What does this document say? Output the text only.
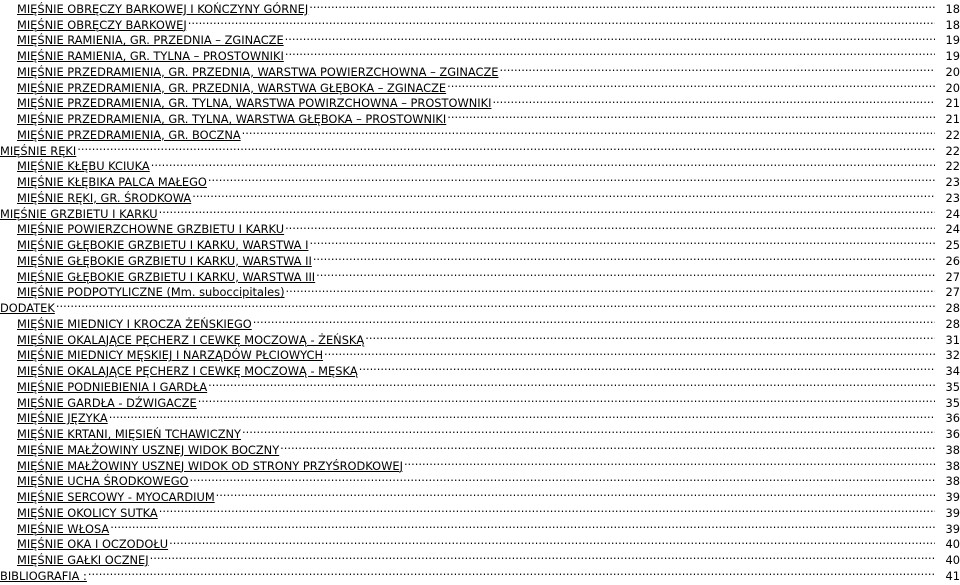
MIĘŚNIE OBRĘCZY BARKOWEJ I KOŃCZYNY GÓRNEJ .....	18
MIĘŚNIE OBRĘCZY BARKOWEJ .....	18
MIĘŚNIE RAMIENIA, GR. PRZEDNIA – ZGINACZE .....	19
MIĘŚNIE RAMIENIA, GR. TYLNA – PROSTOWNIKI .....	19
MIĘŚNIE PRZEDRAMIENIA, GR. PRZEDNIA, WARSTWA POWIERZCHOWNA – ZGINACZE .....	20
MIĘŚNIE PRZEDRAMIENIA, GR. PRZEDNIA, WARSTWA GŁĘBOKA – ZGINACZE .....	20
MIĘŚNIE PRZEDRAMIENIA, GR. TYLNA, WARSTWA POWIRZCHOWNA – PROSTOWNIKI .....	21
MIĘŚNIE PRZEDRAMIENIA, GR. TYLNA, WARSTWA GŁĘBOKA – PROSTOWNIKI .....	21
MIĘŚNIE PRZEDRAMIENIA, GR. BOCZNA .....	22
MIĘŚNIE RĘKI .....	22
MIĘŚNIE KŁĘBU KCIUKA .....	22
MIĘŚNIE KŁĘBIKA PALCA MAŁEGO .....	23
MIĘŚNIE RĘKI, GR. ŚRODKOWA .....	23
MIĘŚNIE GRZBIETU I KARKU .....	24
MIĘŚNIE POWIERZCHOWNE GRZBIETU I KARKU .....	24
MIĘŚNIE GŁĘBOKIE GRZBIETU I KARKU, WARSTWA I .....	25
MIĘŚNIE GŁĘBOKIE GRZBIETU I KARKU, WARSTWA II .....	26
MIĘŚNIE GŁĘBOKIE GRZBIETU I KARKU, WARSTWA III .....	27
MIĘŚNIE PODPOTYLICZNE (Mm. suboccipitales) .....	27
DODATEK .....	28
MIĘŚNIE MIEDNICY I KROCZA ŻEŃSKIEGO .....	28
MIĘŚNIE OKALAJĄCE PĘCHERZ I CEWKĘ MOCZOWĄ - ŻEŃSKĄ .....	31
MIĘŚNIE MIEDNICY MĘSKIEJ I NARZĄDÓW PŁCIOWYCH .....	32
MIĘŚNIE OKALAJĄCE PĘCHERZ I CEWKĘ MOCZOWĄ - MĘSKĄ .....	34
MIĘŚNIE PODNIEBIENIA I GARDŁA .....	35
MIĘŚNIE GARDŁA - DŹWIGACZE .....	35
MIĘŚNIE JĘZYKA .....	36
MIĘŚNIE KRTANI, MIĘSIEŃ TCHAWICZNY .....	36
MIĘŚNIE MAŁŻOWINY USZNEJ WIDOK BOCZNY .....	38
MIĘŚNIE MAŁŻOWINY USZNEJ WIDOK OD STRONY PRZYŚRODKOWEJ .....	38
MIĘŚNIE UCHA ŚRODKOWEGO .....	38
MIĘŚNIE SERCOWY - MYOCARDIUM .....	39
MIĘŚNIE OKOLICY SUTKA .....	39
MIĘŚNIE WŁOSA .....	39
MIĘŚNIE OKA I OCZODOŁU .....	40
MIĘŚNIE GAŁKI OCZNEJ .....	40
BIBLIOGRAFIA : .....	41
